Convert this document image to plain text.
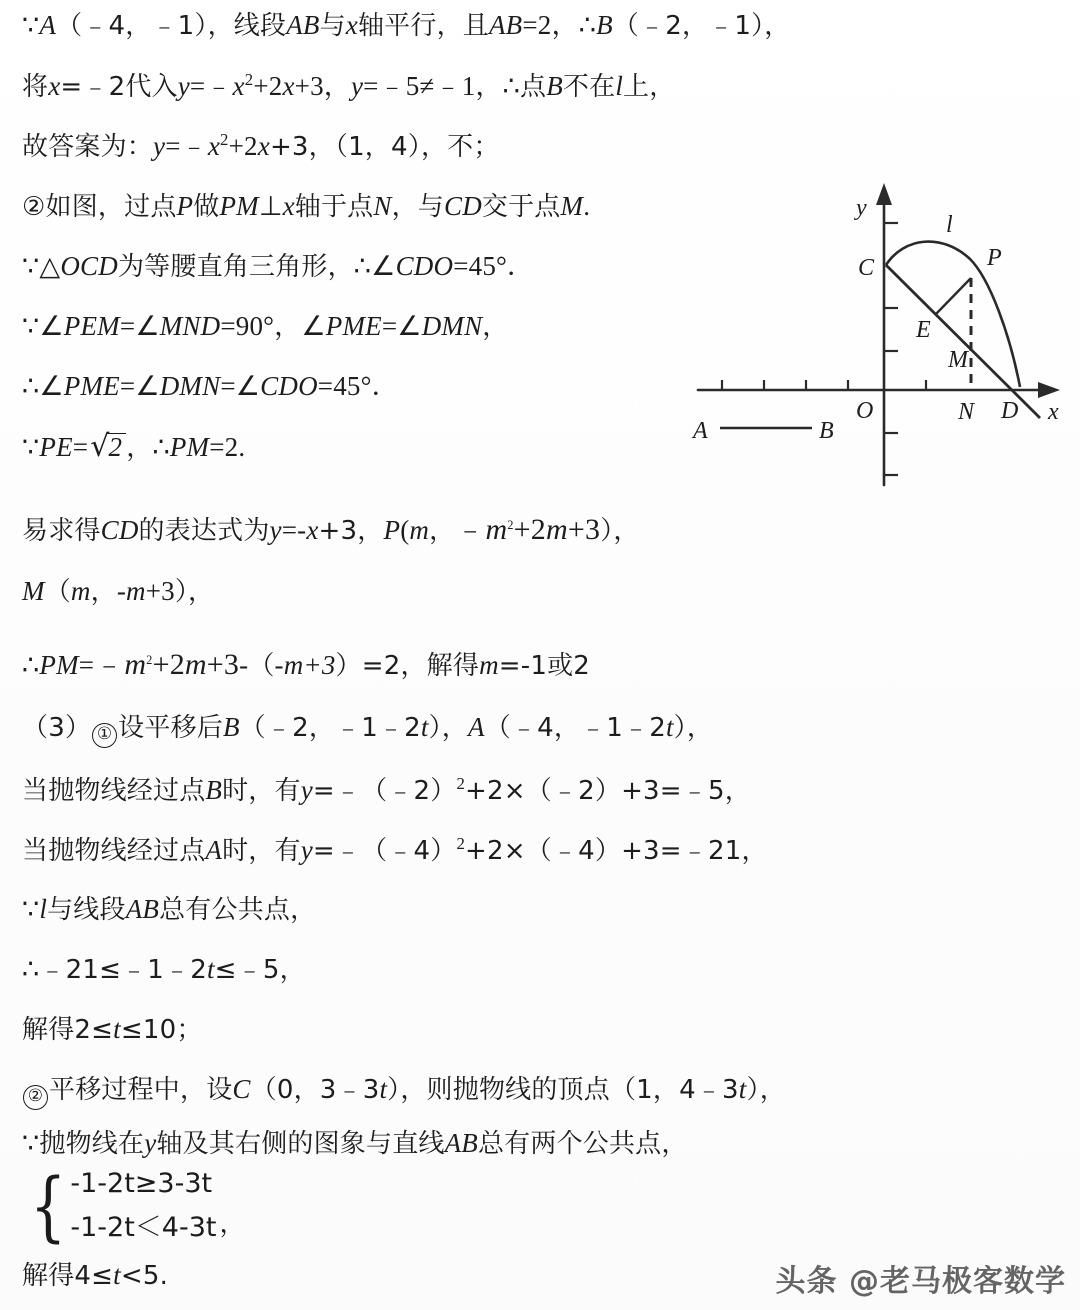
∵A（﹣4，﹣1），线段AB与x轴平行，且AB=2，∴B（﹣2，﹣1），
将x=﹣2代入$y=﹣x^2+2x+3$，y=﹣5≠﹣1，∴点B不在l上，
故答案为：$y=﹣x^2+2x+3$，（1，4），不；
②如图，过点P做PM⊥x轴于点N，与CD交于点M.
∵△OCD为等腰直角三角形，∴∠CDO=45°．
∵∠PEM=∠MND=90°，∠PME=∠DMN，
∴∠PME=∠DMN=∠CDO=45°．
∵PE=√2 ，∴PM=2.
易求得CD的表达式为y=-x+3，P(m，$﹣m^2+2m+3$），
M（m，-m+3），
$\therefore PM=﹣m^2+2m+3-(-m+3)=2$，解得m=-1或2
（3） ① 设平移后B（﹣2，﹣1﹣2t），A（﹣4，﹣1﹣2t），
当抛物线经过点B时，有y=﹣（﹣2）$^2$+2×（﹣2）+3=﹣5，
当抛物线经过点A时，有y=﹣（﹣4）$^2$+2×（﹣4）+3=﹣21，
∵l与线段AB总有公共点，
∴﹣21≤﹣1﹣2t≤﹣5，
解得2≤t≤10；
② 平移过程中，设C（0，3﹣3t），则抛物线的顶点（1，4﹣3t），
∵抛物线在y轴及其右侧的图象与直线AB总有两个公共点，
{ -1-2t≥3-3t
-1-2t＜4-3t ，
解得4≤t<5.
y
x
O
l
C	P
E
M
N D
A	B
头条 @老马极客数学
